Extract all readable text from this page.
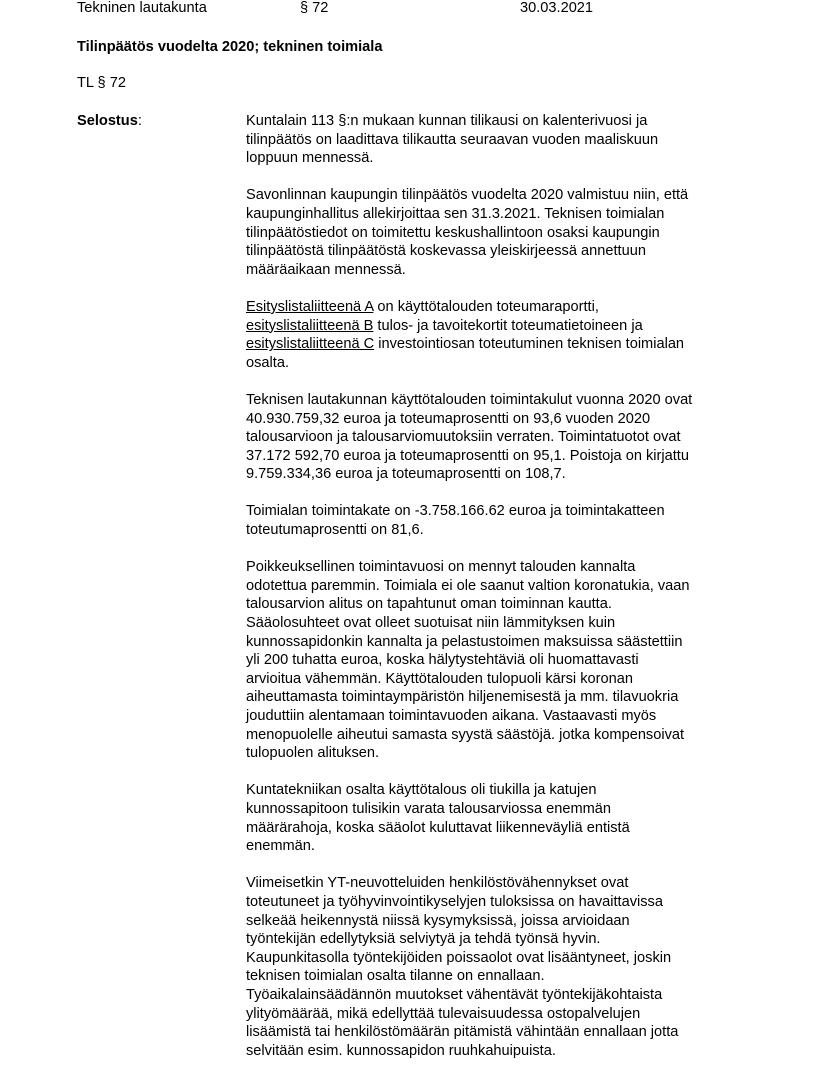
Tekninen lautakunta	§ 72	30.03.2021
Tilinpäätös vuodelta 2020; tekninen toimiala
TL § 72
Selostus:	Kuntalain 113 §:n mukaan kunnan tilikausi on kalenterivuosi ja
tilinpäätös on laadittava tilikautta seuraavan vuoden maaliskuun
loppuun mennessä.
Savonlinnan kaupungin tilinpäätös vuodelta 2020 valmistuu niin, että
kaupunginhallitus allekirjoittaa sen 31.3.2021. Teknisen toimialan
tilinpäätöstiedot on toimitettu keskushallintoon osaksi kaupungin
tilinpäätöstä tilinpäätöstä koskevassa yleiskirjeessä annettuun
määräaikaan mennessä.
Esityslistaliitteenä A on käyttötalouden toteumaraportti,
esityslistaliitteenä B tulos- ja tavoitekortit toteumatietoineen ja
esityslistaliitteenä C investointiosan toteutuminen teknisen toimialan
osalta.
Teknisen lautakunnan käyttötalouden toimintakulut vuonna 2020 ovat
40.930.759,32 euroa ja toteumaprosentti on 93,6 vuoden 2020
talousarvioon ja talousarviomuutoksiin verraten. Toimintatuotot ovat
37.172 592,70 euroa ja toteumaprosentti on 95,1. Poistoja on kirjattu
9.759.334,36 euroa ja toteumaprosentti on 108,7.
Toimialan toimintakate on -3.758.166.62 euroa ja toimintakatteen
toteutumaprosentti on 81,6.
Poikkeuksellinen toimintavuosi on mennyt talouden kannalta
odotettua paremmin. Toimiala ei ole saanut valtion koronatukia, vaan
talousarvion alitus on tapahtunut oman toiminnan kautta.
Sääolosuhteet ovat olleet suotuisat niin lämmityksen kuin
kunnossapidonkin kannalta ja pelastustoimen maksuissa säästettiin
yli 200 tuhatta euroa, koska hälytystehtäviä oli huomattavasti
arvioitua vähemmän. Käyttötalouden tulopuoli kärsi koronan
aiheuttamasta toimintaympäristön hiljenemisestä ja mm. tilavuokria
jouduttiin alentamaan toimintavuoden aikana. Vastaavasti myös
menopuolelle aiheutui samasta syystä säästöjä. jotka kompensoivat
tulopuolen alituksen.
Kuntatekniikan osalta käyttötalous oli tiukilla ja katujen
kunnossapitoon tulisikin varata talousarviossa enemmän
määrärahoja, koska sääolot kuluttavat liikenneväyliä entistä
enemmän.
Viimeisetkin YT-neuvotteluiden henkilöstövähennykset ovat
toteutuneet ja työhyvinvointikyselyjen tuloksissa on havaittavissa
selkeää heikennystä niissä kysymyksissä, joissa arvioidaan
työntekijän edellytyksiä selviytyä ja tehdä työnsä hyvin.
Kaupunkitasolla työntekijöiden poissaolot ovat lisääntyneet, joskin
teknisen toimialan osalta tilanne on ennallaan.
Työaikalainsäädännön muutokset vähentävät työntekijäkohtaista
ylityömäärää, mikä edellyttää tulevaisuudessa ostopalvelujen
lisäämistä tai henkilöstömäärän pitämistä vähintään ennallaan jotta
selvitään esim. kunnossapidon ruuhkahuipuista.
